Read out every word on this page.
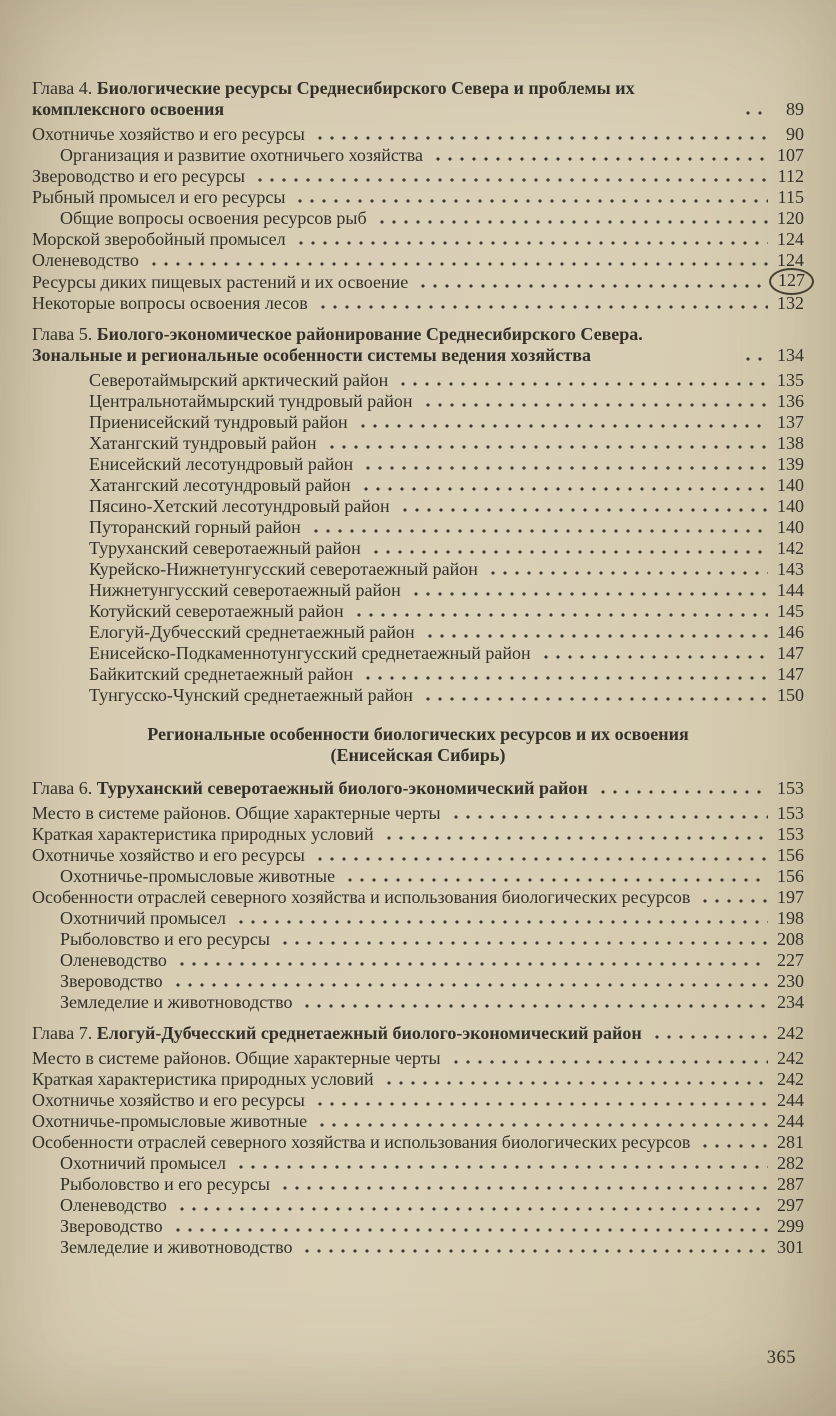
Глава 4. Биологические ресурсы Среднесибирского Севера и проблемы их комплексного освоения	89
Охотничье хозяйство и его ресурсы	90
Организация и развитие охотничьего хозяйства	107
Звероводство и его ресурсы	112
Рыбный промысел и его ресурсы	115
Общие вопросы освоения ресурсов рыб	120
Морской зверобойный промысел	124
Оленеводство	124
Ресурсы диких пищевых растений и их освоение	127
Некоторые вопросы освоения лесов	132
Глава 5. Биолого-экономическое районирование Среднесибирского Севера. Зональные и региональные особенности системы ведения хозяйства	134
Северотаймырский арктический район	135
Центральнотаймырский тундровый район	136
Приенисейский тундровый район	137
Хатангский тундровый район	138
Енисейский лесотундровый район	139
Хатангский лесотундровый район	140
Пясино-Хетский лесотундровый район	140
Путоранский горный район	140
Туруханский северотаежный район	142
Курейско-Нижнетунгусский северотаежный район	143
Нижнетунгусский северотаежный район	144
Котуйский северотаежный район	145
Елогуй-Дубчесский среднетаежный район	146
Енисейско-Подкаменнотунгусский среднетаежный район	147
Байкитский среднетаежный район	147
Тунгусско-Чунский среднетаежный район	150
Региональные особенности биологических ресурсов и их освоения
(Енисейская Сибирь)
Глава 6. Туруханский северотаежный биолого-экономический район	153
Место в системе районов. Общие характерные черты	153
Краткая характеристика природных условий	153
Охотничье хозяйство и его ресурсы	156
Охотничье-промысловые животные	156
Особенности отраслей северного хозяйства и использования биологических ресурсов	197
Охотничий промысел	198
Рыболовство и его ресурсы	208
Оленеводство	227
Звероводство	230
Земледелие и животноводство	234
Глава 7. Елогуй-Дубчесский среднетаежный биолого-экономический район	242
Место в системе районов. Общие характерные черты	242
Краткая характеристика природных условий	242
Охотничье хозяйство и его ресурсы	244
Охотничье-промысловые животные	244
Особенности отраслей северного хозяйства и использования биологических ресурсов	281
Охотничий промысел	282
Рыболовство и его ресурсы	287
Оленеводство	297
Звероводство	299
Земледелие и животноводство	301
365
